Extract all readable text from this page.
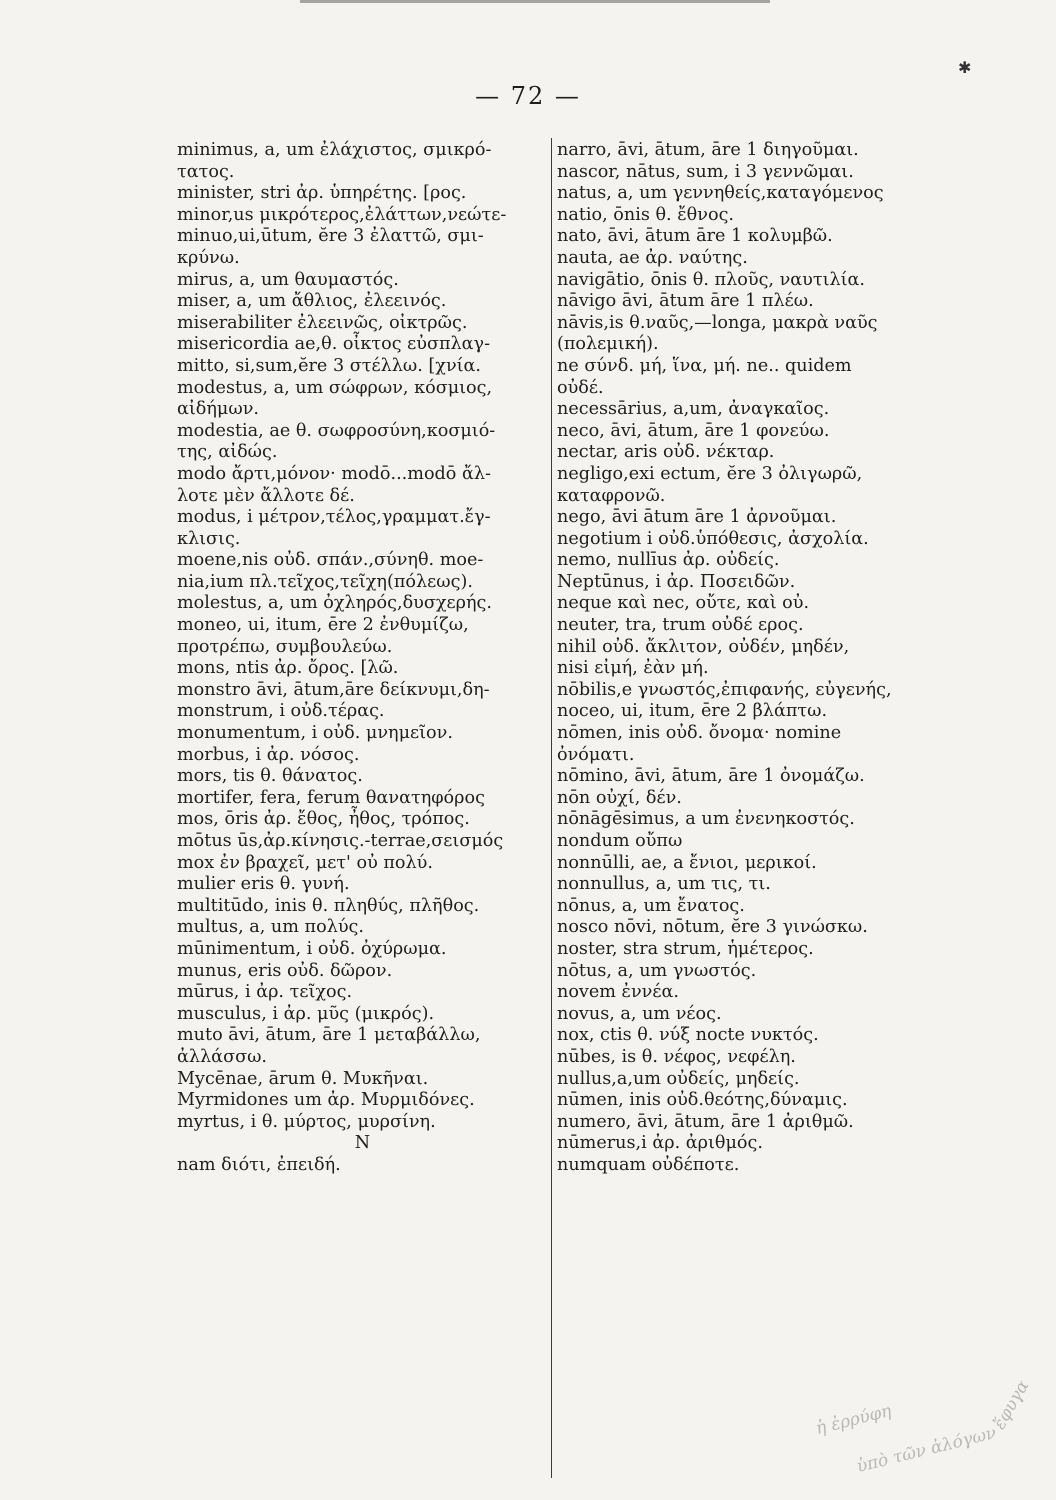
— 72 —
✱
minimus, a, um ἐλάχιστος, σμικρό-
τατος.
minister, stri ἀρ. ὑπηρέτης. [ρος.
minor,us μικρότερος,ἐλάττων,νεώτε-
minuo,ui,ūtum, ĕre 3 ἐλαττῶ, σμι-
κρύνω.
mirus, a, um θαυμαστός.
miser, a, um ἄθλιος, ἐλεεινός.
miserabiliter ἐλεεινῶς, οἰκτρῶς.
misericordia ae,θ. οἶκτος εὐσπλαγ-
mitto, si,sum,ĕre 3 στέλλω. [χνία.
modestus, a, um σώφρων, κόσμιος,
αἰδήμων.
modestia, ae θ. σωφροσύνη,κοσμιό-
της, αἰδώς.
modo ἄρτι,μόνον· modō...modō ἄλ-
λοτε μὲν ἄλλοτε δέ.
modus, i μέτρον,τέλος,γραμματ.ἔγ-
κλισις.
moene,nis οὐδ. σπάν.,σύνηθ. moe-
nia,ium πλ.τεῖχος,τεῖχη(πόλεως).
molestus, a, um ὀχληρός,δυσχερής.
moneo, ui, itum, ēre 2 ἐνθυμίζω,
προτρέπω, συμβουλεύω.
mons, ntis ἀρ. ὄρος. [λῶ.
monstro āvi, ātum,āre δείκνυμι,δη-
monstrum, i οὐδ.τέρας.
monumentum, i οὐδ. μνημεῖον.
morbus, i ἀρ. νόσος.
mors, tis θ. θάνατος.
mortifer, fera, ferum θανατηφόρος
mos, ōris ἀρ. ἔθος, ἦθος, τρόπος.
mōtus ūs,ἀρ.κίνησις.-terrae,σεισμός
mox ἐν βραχεῖ, μετ' οὐ πολύ.
mulier eris θ. γυνή.
multitūdo, inis θ. πληθύς, πλῆθος.
multus, a, um πολύς.
mūnimentum, i οὐδ. ὀχύρωμα.
munus, eris οὐδ. δῶρον.
mūrus, i ἀρ. τεῖχος.
musculus, i ἀρ. μῦς (μικρός).
muto āvi, ātum, āre 1 μεταβάλλω,
ἀλλάσσω.
Mycēnae, ārum θ. Μυκῆναι.
Myrmidones um ἀρ. Μυρμιδόνες.
myrtus, i θ. μύρτος, μυρσίνη.
N
nam διότι, ἐπειδή.
narro, āvi, ātum, āre 1 διηγοῦμαι.
nascor, nātus, sum, i 3 γεννῶμαι.
natus, a, um γεννηθείς,καταγόμενος
natio, ōnis θ. ἔθνος.
nato, āvi, ātum āre 1 κολυμβῶ.
nauta, ae ἀρ. ναύτης.
navigātio, ōnis θ. πλοῦς, ναυτιλία.
nāvigo āvi, ātum āre 1 πλέω.
nāvis,is θ.ναῦς,—longa, μακρὰ ναῦς
(πολεμική).
ne σύνδ. μή, ἵνα, μή. ne.. quidem
οὐδέ.
necessārius, a,um, ἀναγκαῖος.
neco, āvi, ātum, āre 1 φονεύω.
nectar, aris οὐδ. νέκταρ.
negligo,exi ectum, ĕre 3 ὀλιγωρῶ,
καταφρονῶ.
nego, āvi ātum āre 1 ἀρνοῦμαι.
negotium i οὐδ.ὑπόθεσις, ἀσχολία.
nemo, nullīus ἀρ. οὐδείς.
Neptūnus, i ἀρ. Ποσειδῶν.
neque καὶ nec, οὔτε, καὶ οὐ.
neuter, tra, trum οὐδέ ερος.
nihil οὐδ. ἄκλιτον, οὐδέν, μηδέν,
nisi εἰμή, ἐὰν μή.
nōbilis,e γνωστός,ἐπιφανής, εὐγενής,
noceo, ui, itum, ēre 2 βλάπτω.
nōmen, inis οὐδ. ὄνομα· nomine
ὀνόματι.
nōmino, āvi, ātum, āre 1 ὀνομάζω.
nōn οὐχί, δέν.
nōnāgēsimus, a um ἐνενηκοστός.
nondum οὔπω
nonnūlli, ae, a ἔνιοι, μερικοί.
nonnullus, a, um τις, τι.
nōnus, a, um ἔνατος.
nosco nōvi, nōtum, ĕre 3 γινώσκω.
noster, stra strum, ἡμέτερος.
nōtus, a, um γνωστός.
novem ἐννέα.
novus, a, um νέος.
nox, ctis θ. νύξ nocte νυκτός.
nūbes, is θ. νέφος, νεφέλη.
nullus,a,um οὐδείς, μηδείς.
nūmen, inis οὐδ.θεότης,δύναμις.
numero, āvi, ātum, āre 1 ἀριθμῶ.
nūmerus,i ἀρ. ἀριθμός.
numquam οὐδέποτε.
ἡ ἐρρύφη
ὑπὸ τῶν ἀλόγων
ἔφυγα
